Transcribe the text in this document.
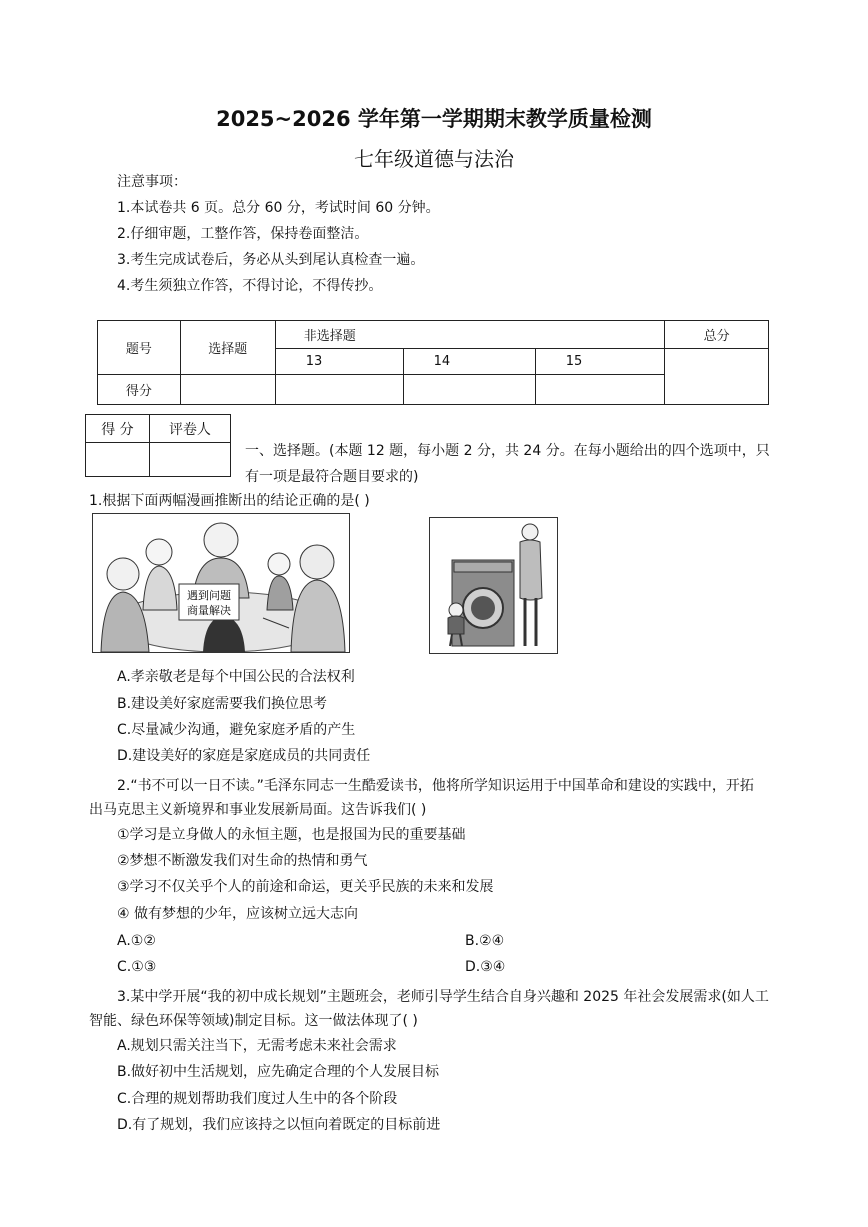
2025~2026 学年第一学期期末教学质量检测
七年级道德与法治
注意事项：
1.本试卷共 6 页。总分 60 分，考试时间 60 分钟。
2.仔细审题，工整作答，保持卷面整洁。
3.考生完成试卷后，务必从头到尾认真检查一遍。
4.考生须独立作答，不得讨论，不得传抄。
题号	选择题	非选择题			总分
		13	14	15	
得分					
得 分	评卷人

一、选择题。(本题 12 题，每小题 2 分，共 24 分。在每小题给出的四个选项中，只
有一项是最符合题目要求的)
1.根据下面两幅漫画推断出的结论正确的是( )
遇到问题
商量解决
A.孝亲敬老是每个中国公民的合法权利
B.建设美好家庭需要我们换位思考
C.尽量减少沟通，避免家庭矛盾的产生
D.建设美好的家庭是家庭成员的共同责任
2.“书不可以一日不读。”毛泽东同志一生酷爱读书，他将所学知识运用于中国革命和建设的实践中，开拓
出马克思主义新境界和事业发展新局面。这告诉我们( )
①学习是立身做人的永恒主题，也是报国为民的重要基础
②梦想不断激发我们对生命的热情和勇气
③学习不仅关乎个人的前途和命运，更关乎民族的未来和发展
④ 做有梦想的少年，应该树立远大志向
A.①②	B.②④
C.①③	D.③④
3.某中学开展“我的初中成长规划”主题班会，老师引导学生结合自身兴趣和 2025 年社会发展需求(如人工
智能、绿色环保等领域)制定目标。这一做法体现了( )
A.规划只需关注当下，无需考虑未来社会需求
B.做好初中生活规划，应先确定合理的个人发展目标
C.合理的规划帮助我们度过人生中的各个阶段
D.有了规划，我们应该持之以恒向着既定的目标前进
